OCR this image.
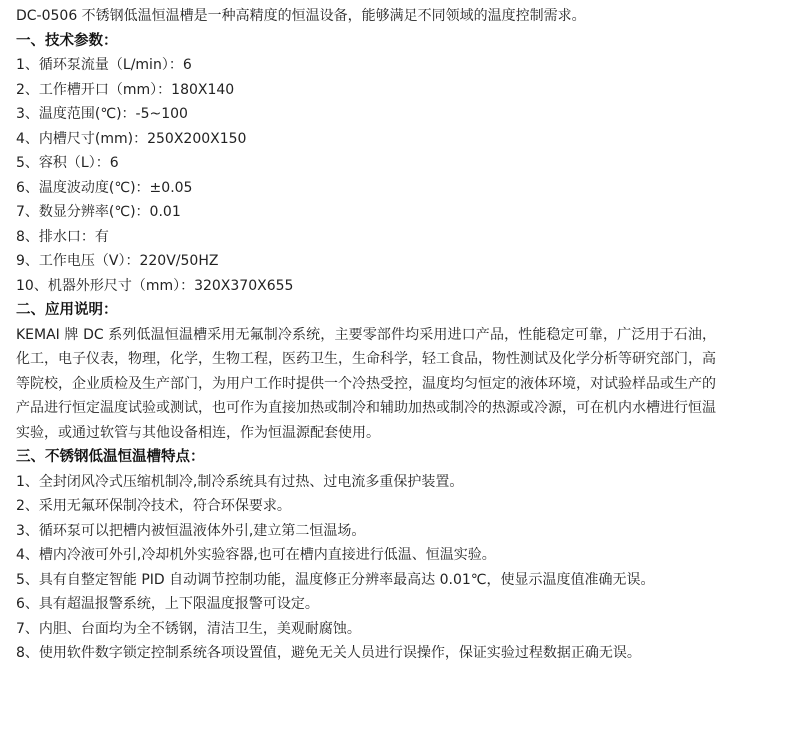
DC-0506 不锈钢低温恒温槽是一种高精度的恒温设备，能够满足不同领域的温度控制需求。

一、技术参数：

1、循环泵流量（L/min）：6

2、工作槽开口（mm）：180X140

3、温度范围(℃)：-5~100

4、内槽尺寸(mm)：250X200X150

5、容积（L）：6

6、温度波动度(℃)：±0.05

7、数显分辨率(℃)：0.01

8、排水口：有

9、工作电压（V）：220V/50HZ

10、机器外形尺寸（mm）：320X370X655

二、应用说明：

KEMAI 牌 DC 系列低温恒温槽采用无氟制冷系统，主要零部件均采用进口产品，性能稳定可靠，广泛用于石油，化工，电子仪表，物理，化学，生物工程，医药卫生，生命科学，轻工食品，物性测试及化学分析等研究部门，高等院校，企业质检及生产部门，为用户工作时提供一个冷热受控，温度均匀恒定的液体环境，对试验样品或生产的产品进行恒定温度试验或测试，也可作为直接加热或制冷和辅助加热或制冷的热源或冷源，可在机内水槽进行恒温实验，或通过软管与其他设备相连，作为恒温源配套使用。

三、不锈钢低温恒温槽特点：

1、全封闭风冷式压缩机制冷,制冷系统具有过热、过电流多重保护装置。

2、采用无氟环保制冷技术，符合环保要求。

3、循环泵可以把槽内被恒温液体外引,建立第二恒温场。

4、槽内冷液可外引,冷却机外实验容器,也可在槽内直接进行低温、恒温实验。

5、具有自整定智能 PID 自动调节控制功能，温度修正分辨率最高达 0.01℃，使显示温度值准确无误。

6、具有超温报警系统，上下限温度报警可设定。

7、内胆、台面均为全不锈钢，清洁卫生，美观耐腐蚀。

8、使用软件数字锁定控制系统各项设置值，避免无关人员进行误操作，保证实验过程数据正确无误。
